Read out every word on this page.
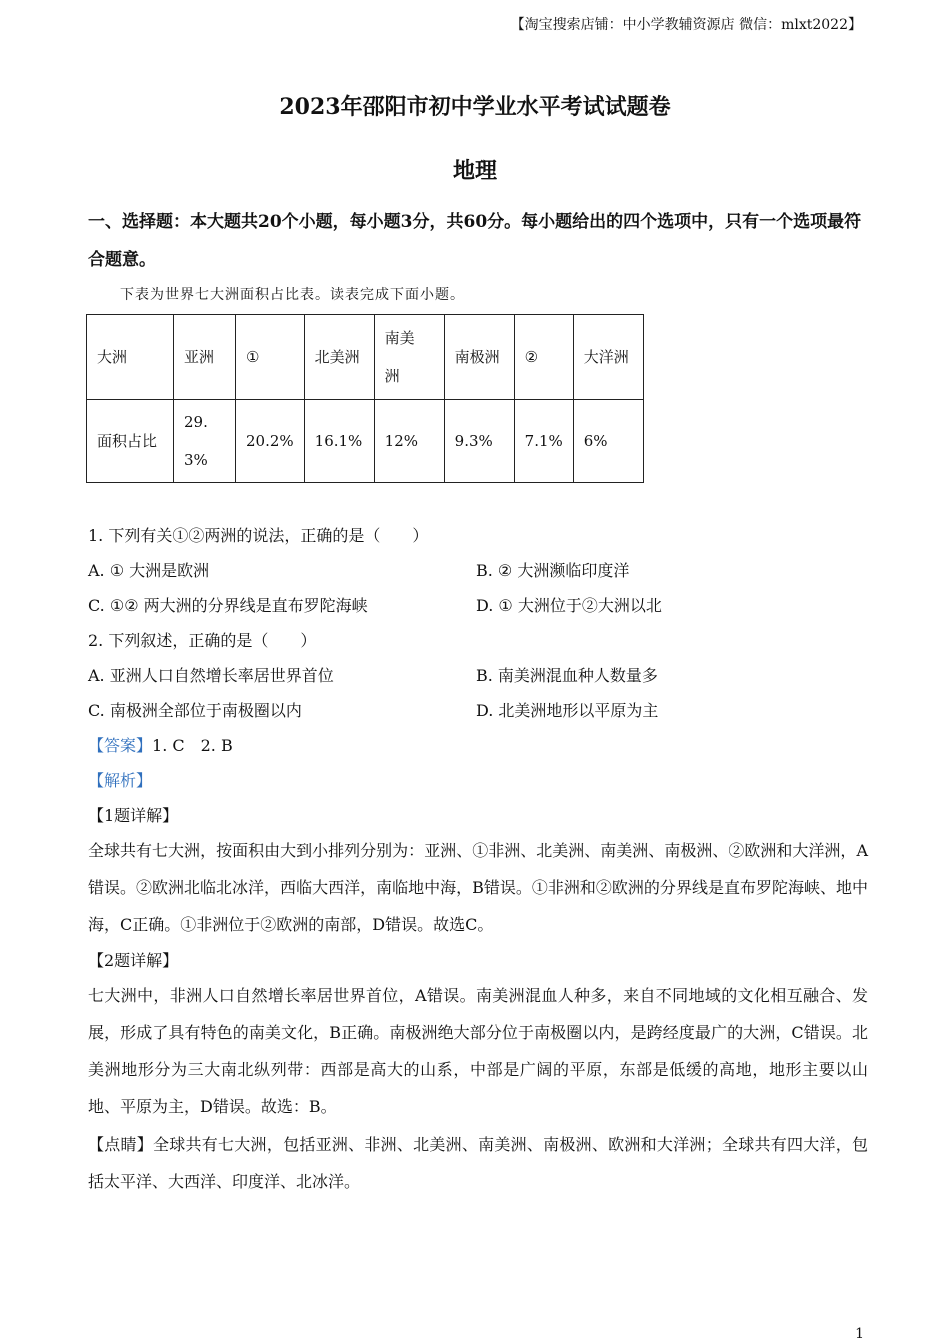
【淘宝搜索店铺：中小学教辅资源店 微信：mlxt2022】
2023年邵阳市初中学业水平考试试题卷
地理
一、选择题：本大题共20个小题，每小题3分，共60分。每小题给出的四个选项中，只有一个选项最符合题意。
下表为世界七大洲面积占比表。读表完成下面小题。
大洲	亚洲	①	北美洲	南美洲	南极洲	②	大洋洲
面积占比	29.3%	20.2%	16.1%	12%	9.3%	7.1%	6%
1. 下列有关①②两洲的说法，正确的是（　　）
A. ① 大洲是欧洲	B. ② 大洲濒临印度洋
C. ①② 两大洲的分界线是直布罗陀海峡	D. ① 大洲位于②大洲以北
2. 下列叙述，正确的是（　　）
A. 亚洲人口自然增长率居世界首位	B. 南美洲混血种人数量多
C. 南极洲全部位于南极圈以内	D. 北美洲地形以平原为主
【答案】1. C　2. B
【解析】
【1题详解】
全球共有七大洲，按面积由大到小排列分别为：亚洲、①非洲、北美洲、南美洲、南极洲、②欧洲和大洋洲，A错误。②欧洲北临北冰洋，西临大西洋，南临地中海，B错误。①非洲和②欧洲的分界线是直布罗陀海峡、地中海，C正确。①非洲位于②欧洲的南部，D错误。故选C。
【2题详解】
七大洲中，非洲人口自然增长率居世界首位，A错误。南美洲混血人种多，来自不同地域的文化相互融合、发展，形成了具有特色的南美文化，B正确。南极洲绝大部分位于南极圈以内，是跨经度最广的大洲，C错误。北美洲地形分为三大南北纵列带：西部是高大的山系，中部是广阔的平原，东部是低缓的高地，地形主要以山地、平原为主，D错误。故选：B。
【点睛】全球共有七大洲，包括亚洲、非洲、北美洲、南美洲、南极洲、欧洲和大洋洲；全球共有四大洋，包括太平洋、大西洋、印度洋、北冰洋。
1
